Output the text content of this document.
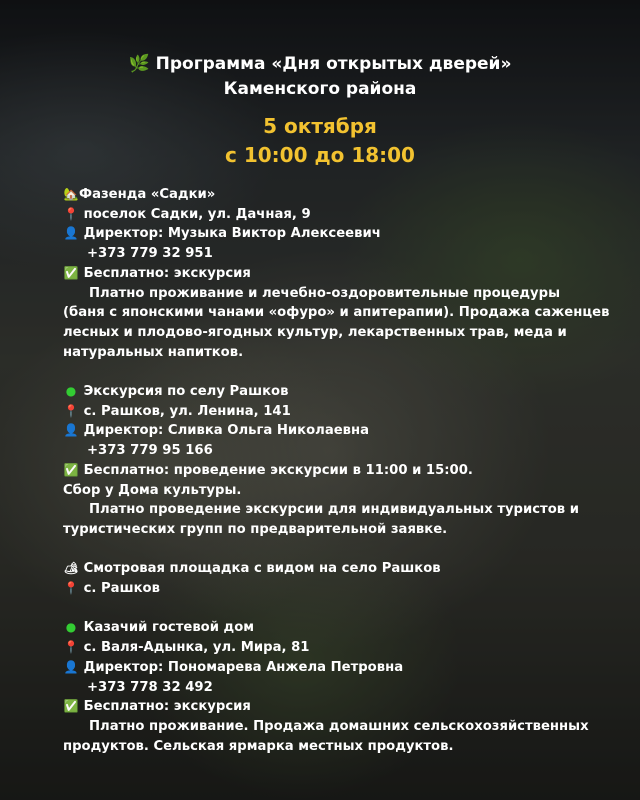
🌿 Программа «Дня открытых дверей»
Каменского района
5 октября
с 10:00 до 18:00
🏡Фазенда «Садки»
📍 поселок Садки, ул. Дачная, 9
👤 Директор: Музыка Виктор Алексеевич
+373 779 32 951
✅ Бесплатно: экскурсия
Платно проживание и лечебно-оздоровительные процедуры
(баня с японскими чанами «офуро» и апитерапии). Продажа саженцев лесных и плодово-ягодных культур, лекарственных трав, меда и натуральных напитков.
● Экскурсия по селу Рашков
📍 с. Рашков, ул. Ленина, 141
👤 Директор: Сливка Ольга Николаевна
+373 779 95 166
✅ Бесплатно: проведение экскурсии в 11:00 и 15:00.
Сбор у Дома культуры.
Платно проведение экскурсии для индивидуальных туристов и
туристических групп по предварительной заявке.
🏕 Смотровая площадка с видом на село Рашков
📍 с. Рашков
● Казачий гостевой дом
📍 с. Валя-Адынка, ул. Мира, 81
👤 Директор: Пономарева Анжела Петровна
+373 778 32 492
✅ Бесплатно: экскурсия
Платно проживание. Продажа домашних сельскохозяйственных
продуктов. Сельская ярмарка местных продуктов.
